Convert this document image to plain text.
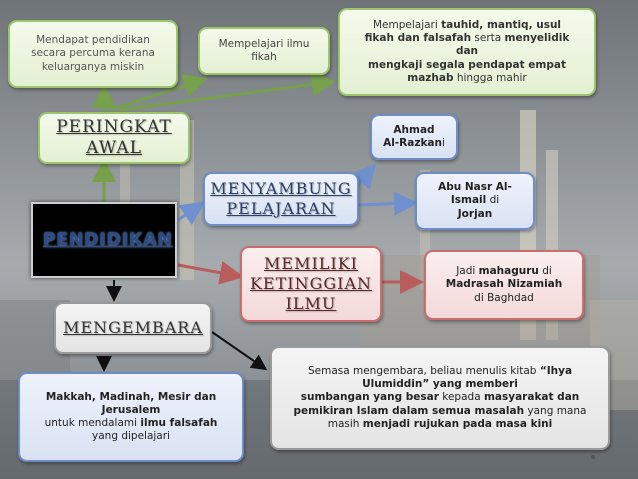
PERINGKAT
AWAL
Mendapat pendidikan
secara percuma kerana
keluarganya miskin
Mempelajari ilmu
fikah
Mempelajari tauhid, mantiq, usul
fikah dan falsafah serta menyelidik
dan
mengkaji segala pendapat empat
mazhab hingga mahir
PENDIDIKAN
MENYAMBUNG
PELAJARAN
Ahmad
Al-Razkani
Abu Nasr Al-
Ismail di
Jorjan
MEMILIKI
KETINGGIAN
ILMU
Jadi mahaguru di
Madrasah Nizamiah
di Baghdad
MENGEMBARA
Makkah, Madinah, Mesir dan
Jerusalem
untuk mendalami ilmu falsafah
yang dipelajari
Semasa mengembara, beliau menulis kitab “Ihya
Ulumiddin” yang memberi
sumbangan yang besar kepada masyarakat dan
pemikiran Islam dalam semua masalah yang mana
masih menjadi rujukan pada masa kini
